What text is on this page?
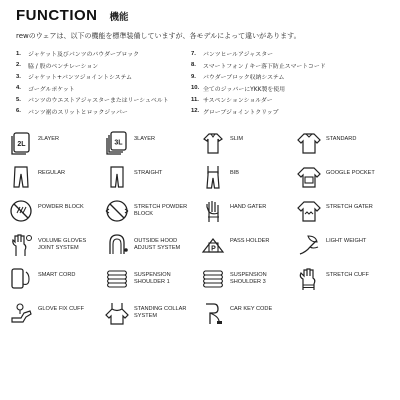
FUNCTION 機能
rewのウェアは、以下の機能を標準装備していますが、各モデルによって違いがあります。
1.	ジャケット及びパンツのパウダーブロック
2.	脇 / 股のベンチレーション
3.	ジャケット+パンツジョイントシステム
4.	ゴーグルポケット
5.	パンツのウエストアジャスターまたはリーシュベルト
6.	パンツ裾のスリットとロックジッパー
7.	パンツヒールアジャスター
8.	スマートフォン / キー落下防止スマートコード
9.	パウダーブロック収納システム
10. 全てのジッパーにYKK製を使用
11. サスペンションショルダー
12. グローブジョイントクリップ
2L
2LAYER
3L
3LAYER	SLIM	STANDARD
REGULAR	STRAIGHT	BIB	GOOGLE POCKET
POWDER BLOCK	STRETCH POWDER BLOCK
HAND GATER	STRETCH GATER
VOLUME GLOVES JOINT SYSTEM
OUTSIDE HOOD ADJUST SYSTEM	P
PASS HOLDER	LIGHT WEIGHT
SMART CORD	SUSPENSION SHOULDER 1
SUSPENSION SHOULDER 3
STRETCH CUFF
GLOVE FIX CUFF	STANDING COLLAR SYSTEM
CAR KEY CODE
